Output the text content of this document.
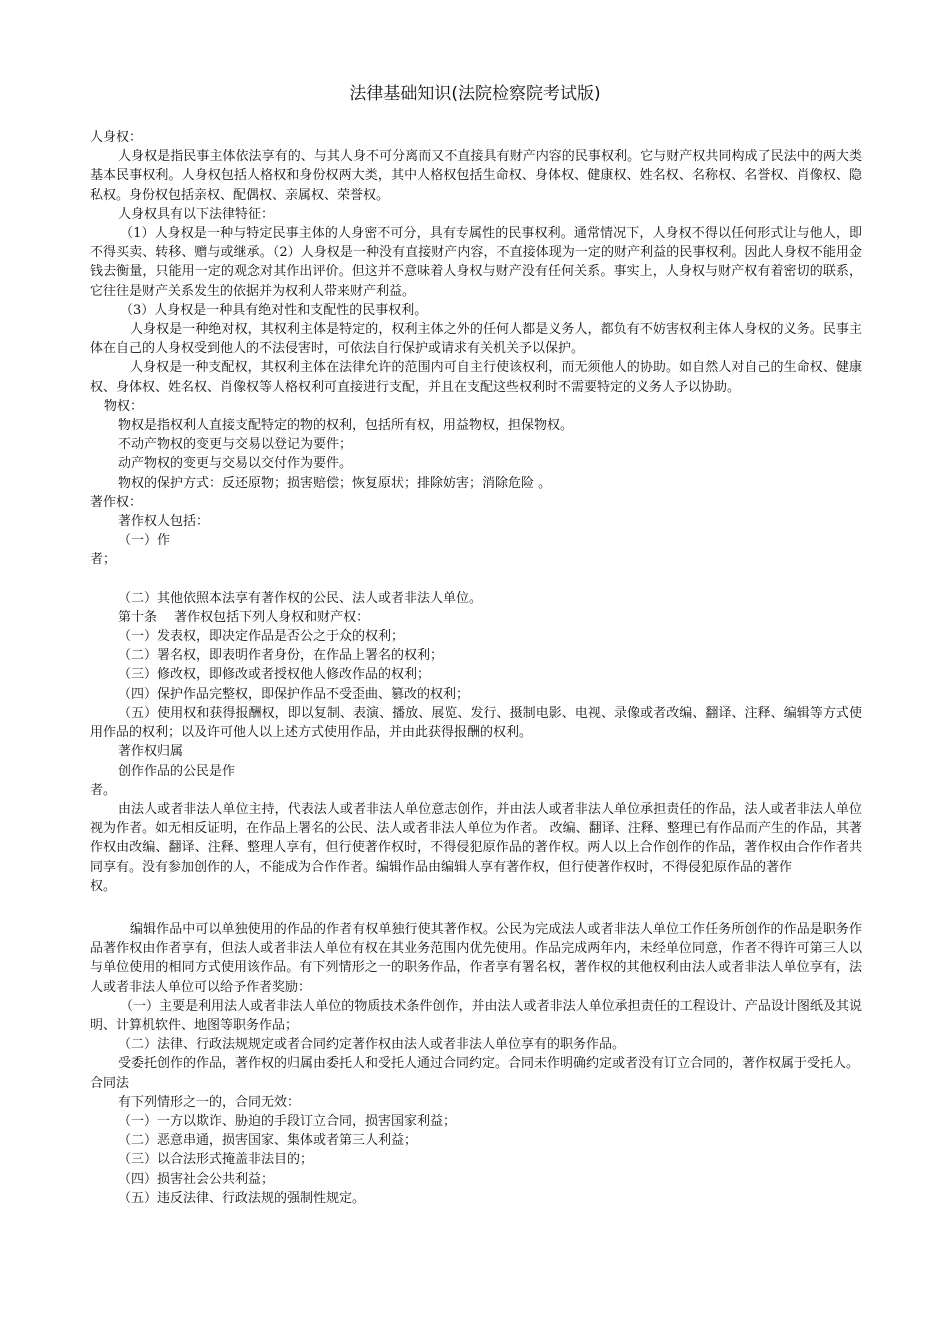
法律基础知识(法院检察院考试版)

人身权：

人身权是指民事主体依法享有的、与其人身不可分离而又不直接具有财产内容的民事权利。它与财产权共同构成了民法中的两大类基本民事权利。人身权包括人格权和身份权两大类，其中人格权包括生命权、身体权、健康权、姓名权、名称权、名誉权、肖像权、隐私权。身份权包括亲权、配偶权、亲属权、荣誉权。

人身权具有以下法律特征：

（1）人身权是一种与特定民事主体的人身密不可分，具有专属性的民事权利。通常情况下，人身权不得以任何形式让与他人，即不得买卖、转移、赠与或继承。（2）人身权是一种没有直接财产内容，不直接体现为一定的财产利益的民事权利。因此人身权不能用金钱去衡量，只能用一定的观念对其作出评价。但这并不意味着人身权与财产没有任何关系。事实上，人身权与财产权有着密切的联系，它往往是财产关系发生的依据并为权利人带来财产利益。

（3）人身权是一种具有绝对性和支配性的民事权利。

人身权是一种绝对权，其权利主体是特定的，权利主体之外的任何人都是义务人，都负有不妨害权利主体人身权的义务。民事主体在自己的人身权受到他人的不法侵害时，可依法自行保护或请求有关机关予以保护。

人身权是一种支配权，其权利主体在法律允许的范围内可自主行使该权利，而无须他人的协助。如自然人对自己的生命权、健康权、身体权、姓名权、肖像权等人格权利可直接进行支配，并且在支配这些权利时不需要特定的义务人予以协助。

物权：

物权是指权利人直接支配特定的物的权利，包括所有权，用益物权，担保物权。

不动产物权的变更与交易以登记为要件；

动产物权的变更与交易以交付作为要件。

物权的保护方式：反还原物；损害赔偿；恢复原状；排除妨害；消除危险 。

著作权：

著作权人包括：

（一）作

者；

（二）其他依照本法享有著作权的公民、法人或者非法人单位。

第十条　 著作权包括下列人身权和财产权：

（一）发表权，即决定作品是否公之于众的权利；

（二）署名权，即表明作者身份，在作品上署名的权利；

（三）修改权，即修改或者授权他人修改作品的权利；

（四）保护作品完整权，即保护作品不受歪曲、篡改的权利；

（五）使用权和获得报酬权，即以复制、表演、播放、展览、发行、摄制电影、电视、录像或者改编、翻译、注释、编辑等方式使用作品的权利；以及许可他人以上述方式使用作品，并由此获得报酬的权利。

著作权归属

创作作品的公民是作

者。

由法人或者非法人单位主持，代表法人或者非法人单位意志创作，并由法人或者非法人单位承担责任的作品，法人或者非法人单位视为作者。如无相反证明，在作品上署名的公民、法人或者非法人单位为作者。 改编、翻译、注释、整理已有作品而产生的作品，其著作权由改编、翻译、注释、整理人享有，但行使著作权时，不得侵犯原作品的著作权。两人以上合作创作的作品，著作权由合作作者共同享有。没有参加创作的人，不能成为合作作者。编辑作品由编辑人享有著作权，但行使著作权时，不得侵犯原作品的著作

权。

编辑作品中可以单独使用的作品的作者有权单独行使其著作权。公民为完成法人或者非法人单位工作任务所创作的作品是职务作品著作权由作者享有，但法人或者非法人单位有权在其业务范围内优先使用。作品完成两年内，未经单位同意，作者不得许可第三人以与单位使用的相同方式使用该作品。有下列情形之一的职务作品，作者享有署名权，著作权的其他权利由法人或者非法人单位享有，法人或者非法人单位可以给予作者奖励：

（一）主要是利用法人或者非法人单位的物质技术条件创作，并由法人或者非法人单位承担责任的工程设计、产品设计图纸及其说明、计算机软件、地图等职务作品；

（二）法律、行政法规规定或者合同约定著作权由法人或者非法人单位享有的职务作品。

受委托创作的作品，著作权的归属由委托人和受托人通过合同约定。合同未作明确约定或者没有订立合同的，著作权属于受托人。

合同法

有下列情形之一的，合同无效：

（一）一方以欺诈、胁迫的手段订立合同，损害国家利益；

（二）恶意串通，损害国家、集体或者第三人利益；

（三）以合法形式掩盖非法目的；

（四）损害社会公共利益；

（五）违反法律、行政法规的强制性规定。
